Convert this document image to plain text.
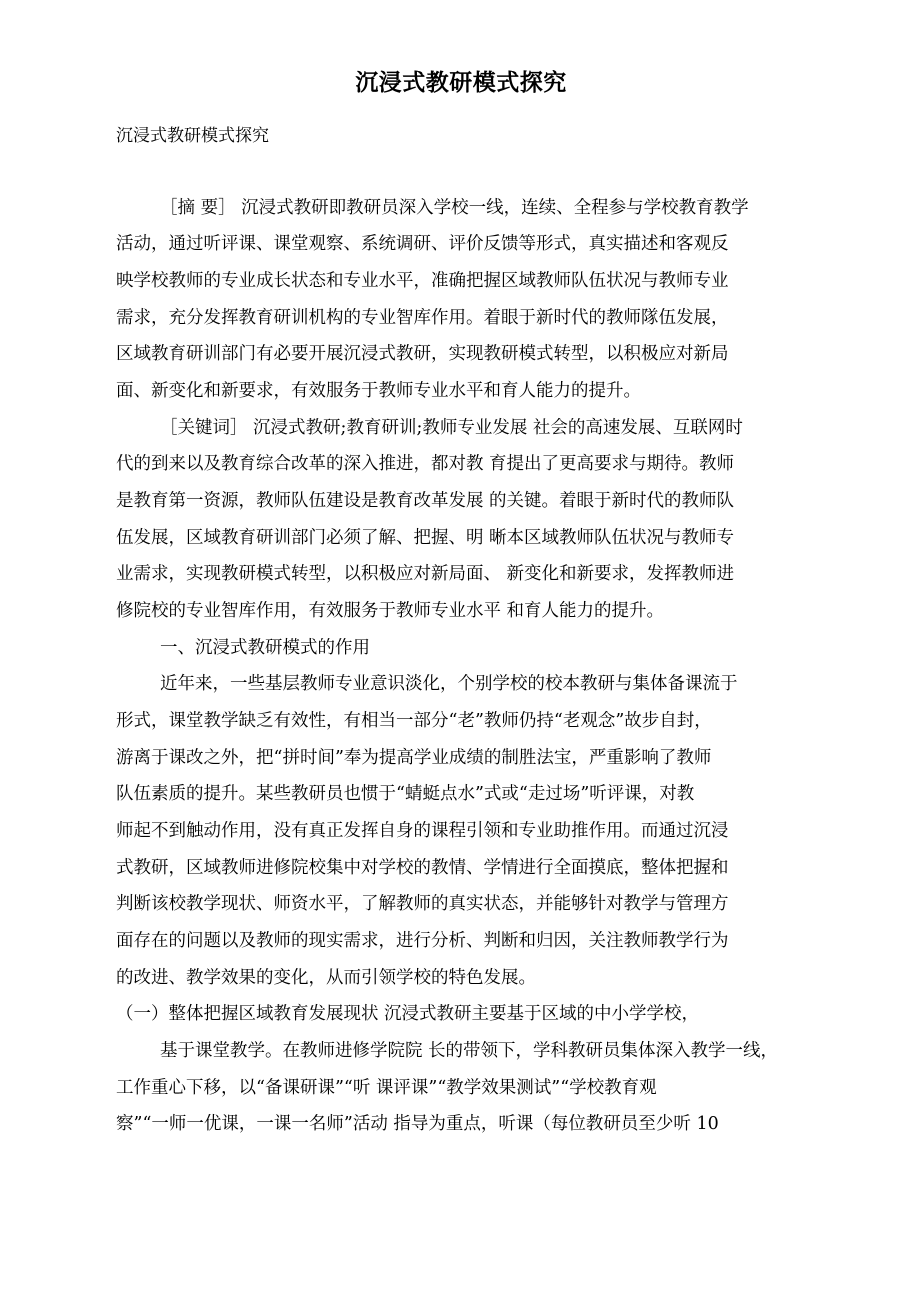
沉浸式教研模式探究
沉浸式教研模式探究
［摘 要］ 沉浸式教研即教研员深入学校一线，连续、全程参与学校教育教学
活动，通过听评课、课堂观察、系统调研、评价反馈等形式，真实描述和客观反
映学校教师的专业成长状态和专业水平，准确把握区域教师队伍状况与教师专业
需求，充分发挥教育研训机构的专业智库作用。着眼于新时代的教师隊伍发展，
区域教育研训部门有必要开展沉浸式教研，实现教研模式转型，以积极应对新局
面、新变化和新要求，有效服务于教师专业水平和育人能力的提升。
［关键词］ 沉浸式教研;教育研训;教师专业发展 社会的高速发展、互联网时
代的到来以及教育综合改革的深入推进，都对教 育提出了更高要求与期待。教师
是教育第一资源，教师队伍建设是教育改革发展 的关键。着眼于新时代的教师队
伍发展，区域教育研训部门必须了解、把握、明 晰本区域教师队伍状况与教师专
业需求，实现教研模式转型，以积极应对新局面、 新变化和新要求，发挥教师进
修院校的专业智库作用，有效服务于教师专业水平 和育人能力的提升。
一、沉浸式教研模式的作用
近年来，一些基层教师专业意识淡化，个别学校的校本教研与集体备课流于
形式，课堂教学缺乏有效性，有相当一部分“老”教师仍持“老观念”故步自封，
游离于课改之外，把“拼时间”奉为提高学业成绩的制胜法宝，严重影响了教师
队伍素质的提升。某些教研员也惯于“蜻蜓点水”式或“走过场”听评课，对教
师起不到触动作用，没有真正发挥自身的课程引领和专业助推作用。而通过沉浸
式教研，区域教师进修院校集中对学校的教情、学情进行全面摸底，整体把握和
判断该校教学现状、师资水平，了解教师的真实状态，并能够针对教学与管理方
面存在的问题以及教师的现实需求，进行分析、判断和归因，关注教师教学行为
的改进、教学效果的变化，从而引领学校的特色发展。
（一）整体把握区域教育发展现状 沉浸式教研主要基于区域的中小学学校，
基于课堂教学。在教师进修学院院 长的带领下，学科教研员集体深入教学一线，
工作重心下移，以“备课研课”“听 课评课”“教学效果测试”“学校教育观
察”“一师一优课，一课一名师”活动 指导为重点，听课（每位教研员至少听 10
